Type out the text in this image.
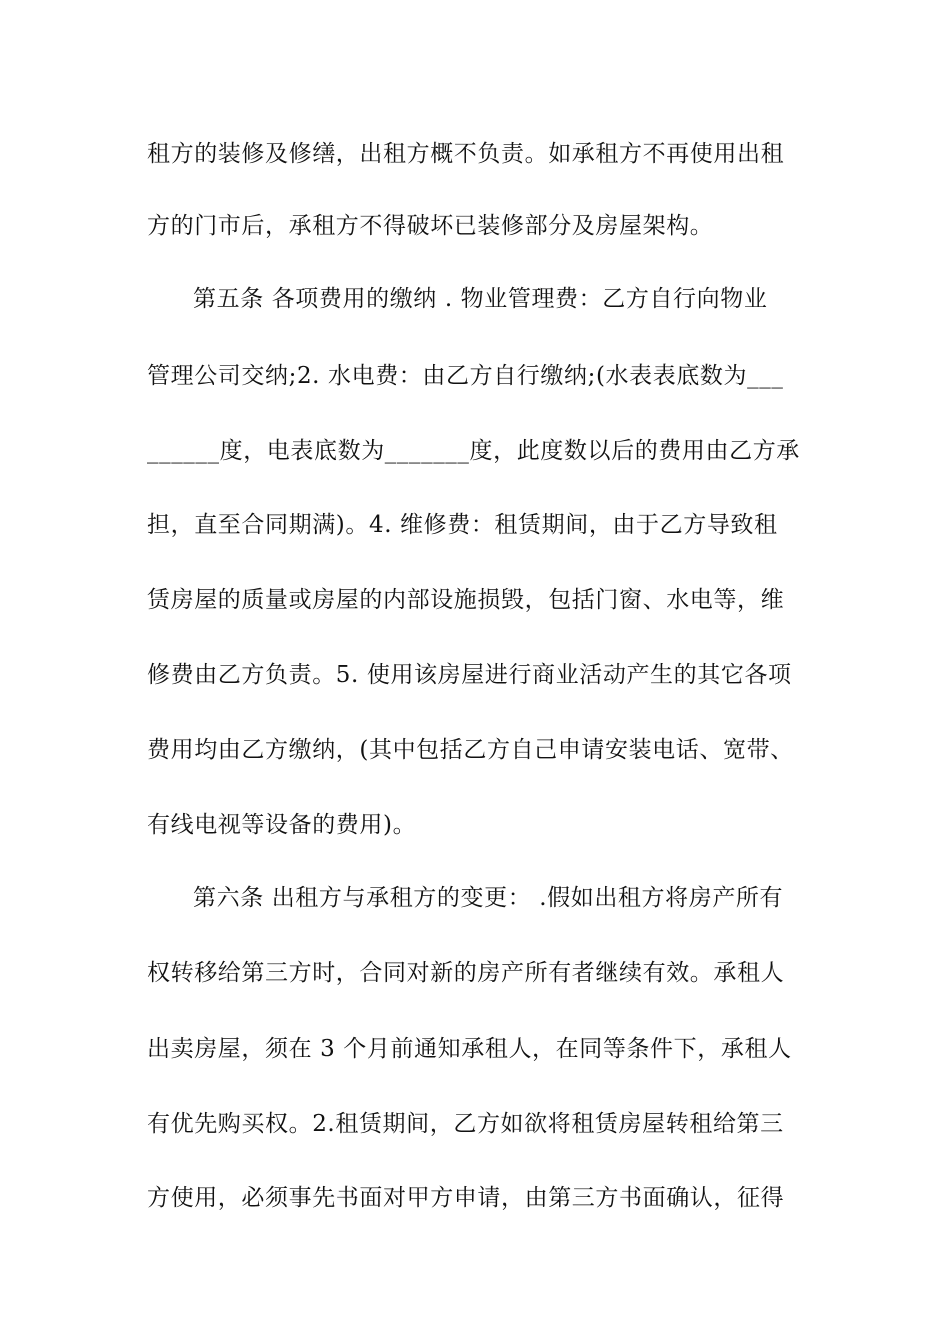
租方的装修及修缮，出租方概不负责。如承租方不再使用出租
方的门市后，承租方不得破坏已装修部分及房屋架构。
第五条 各项费用的缴纳 . 物业管理费：乙方自行向物业
管理公司交纳;2. 水电费：由乙方自行缴纳;(水表表底数为___
______度，电表底数为_______度，此度数以后的费用由乙方承
担，直至合同期满)。4. 维修费：租赁期间，由于乙方导致租
赁房屋的质量或房屋的内部设施损毁，包括门窗、水电等，维
修费由乙方负责。5. 使用该房屋进行商业活动产生的其它各项
费用均由乙方缴纳，(其中包括乙方自己申请安装电话、宽带、
有线电视等设备的费用)。
第六条 出租方与承租方的变更： .假如出租方将房产所有
权转移给第三方时，合同对新的房产所有者继续有效。承租人
出卖房屋，须在 3 个月前通知承租人，在同等条件下，承租人
有优先购买权。2.租赁期间，乙方如欲将租赁房屋转租给第三
方使用，必须事先书面对甲方申请，由第三方书面确认，征得
